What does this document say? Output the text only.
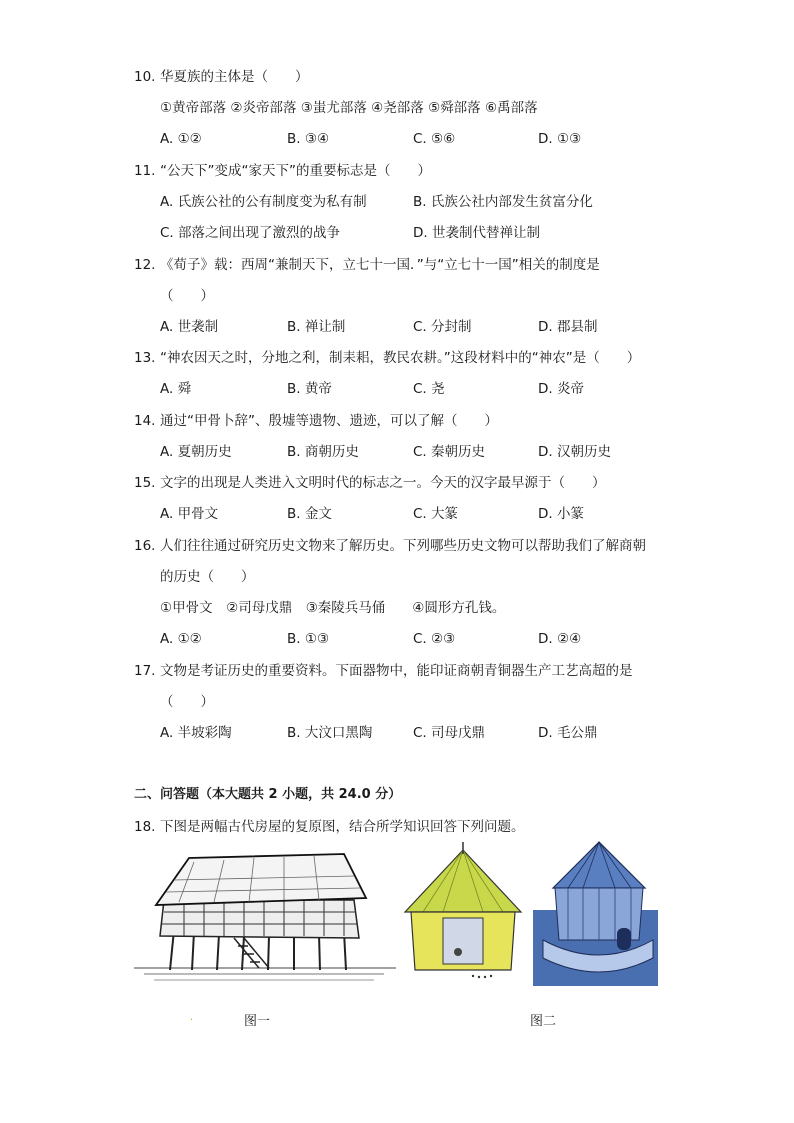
10. 华夏族的主体是（　　）
①黄帝部落 ②炎帝部落 ③蚩尤部落 ④尧部落 ⑤舜部落 ⑥禹部落
A. ①②	B. ③④	C. ⑤⑥	D. ①③
11. “公天下”变成“家天下”的重要标志是（　　）
A. 氏族公社的公有制度变为私有制	B. 氏族公社内部发生贫富分化
C. 部落之间出现了激烈的战争	D. 世袭制代替禅让制
12. 《荀子》载：西周“兼制天下，立七十一国．”与“立七十一国”相关的制度是
（　　）
A. 世袭制	B. 禅让制	C. 分封制	D. 郡县制
13. “神农因天之时，分地之利，制耒耜，教民农耕。”这段材料中的“神农”是（　　）
A. 舜	B. 黄帝	C. 尧	D. 炎帝
14. 通过“甲骨卜辞”、殷墟等遗物、遗迹，可以了解（　　）
A. 夏朝历史	B. 商朝历史	C. 秦朝历史	D. 汉朝历史
15. 文字的出现是人类进入文明时代的标志之一。今天的汉字最早源于（　　）
A. 甲骨文	B. 金文	C. 大篆	D. 小篆
16. 人们往往通过研究历史文物来了解历史。下列哪些历史文物可以帮助我们了解商朝
的历史（　　）
①甲骨文　②司母戊鼎　③秦陵兵马俑　　④圆形方孔钱。
A. ①②	B. ①③	C. ②③	D. ②④
17. 文物是考证历史的重要资料。下面器物中，能印证商朝青铜器生产工艺高超的是
（　　）
A. 半坡彩陶	B. 大汶口黑陶	C. 司母戊鼎	D. 毛公鼎
二、问答题（本大题共 2 小题，共 24.0 分）
18. 下图是两幅古代房屋的复原图，结合所学知识回答下列问题。
.	图一	图二
